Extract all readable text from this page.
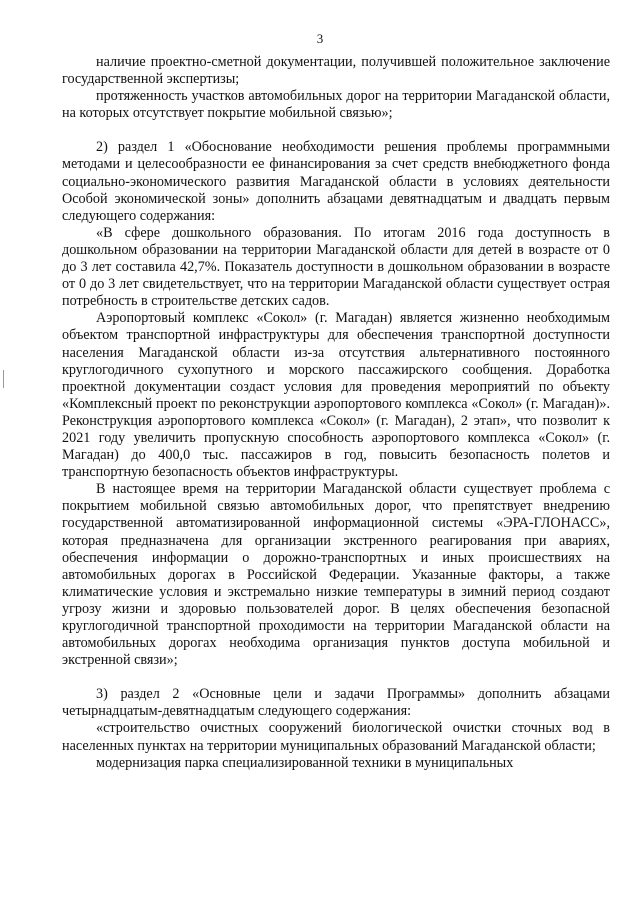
3

наличие проектно-сметной документации, получившей положительное заключение государственной экспертизы;

протяженность участков автомобильных дорог на территории Магаданской области, на которых отсутствует покрытие мобильной связью»;

2) раздел 1 «Обоснование необходимости решения проблемы программными методами и целесообразности ее финансирования за счет средств внебюджетного фонда социально-экономического развития Магаданской области в условиях деятельности Особой экономической зоны» дополнить абзацами девятнадцатым и двадцать первым следующего содержания:

«В сфере дошкольного образования. По итогам 2016 года доступность в дошкольном образовании на территории Магаданской области для детей в возрасте от 0 до 3 лет составила 42,7%. Показатель доступности в дошкольном образовании в возрасте от 0 до 3 лет свидетельствует, что на территории Магаданской области существует острая потребность в строительстве детских садов.

Аэропортовый комплекс «Сокол» (г. Магадан) является жизненно необходимым объектом транспортной инфраструктуры для обеспечения транспортной доступности населения Магаданской области из-за отсутствия альтернативного постоянного круглогодичного сухопутного и морского пассажирского сообщения. Доработка проектной документации создаст условия для проведения мероприятий по объекту «Комплексный проект по реконструкции аэропортового комплекса «Сокол» (г. Магадан)». Реконструкция аэропортового комплекса «Сокол» (г. Магадан), 2 этап», что позволит к 2021 году увеличить пропускную способность аэропортового комплекса «Сокол» (г. Магадан) до 400,0 тыс. пассажиров в год, повысить безопасность полетов и транспортную безопасность объектов инфраструктуры.

В настоящее время на территории Магаданской области существует проблема с покрытием мобильной связью автомобильных дорог, что препятствует внедрению государственной автоматизированной информационной системы «ЭРА-ГЛОНАСС», которая предназначена для организации экстренного реагирования при авариях, обеспечения информации о дорожно-транспортных и иных происшествиях на автомобильных дорогах в Российской Федерации. Указанные факторы, а также климатические условия и экстремально низкие температуры в зимний период создают угрозу жизни и здоровью пользователей дорог. В целях обеспечения безопасной круглогодичной транспортной проходимости на территории Магаданской области на автомобильных дорогах необходима организация пунктов доступа мобильной и экстренной связи»;

3) раздел 2 «Основные цели и задачи Программы» дополнить абзацами четырнадцатым-девятнадцатым следующего содержания:

«строительство очистных сооружений биологической очистки сточных вод в населенных пунктах на территории муниципальных образований Магаданской области;

модернизация парка специализированной техники в муниципальных
